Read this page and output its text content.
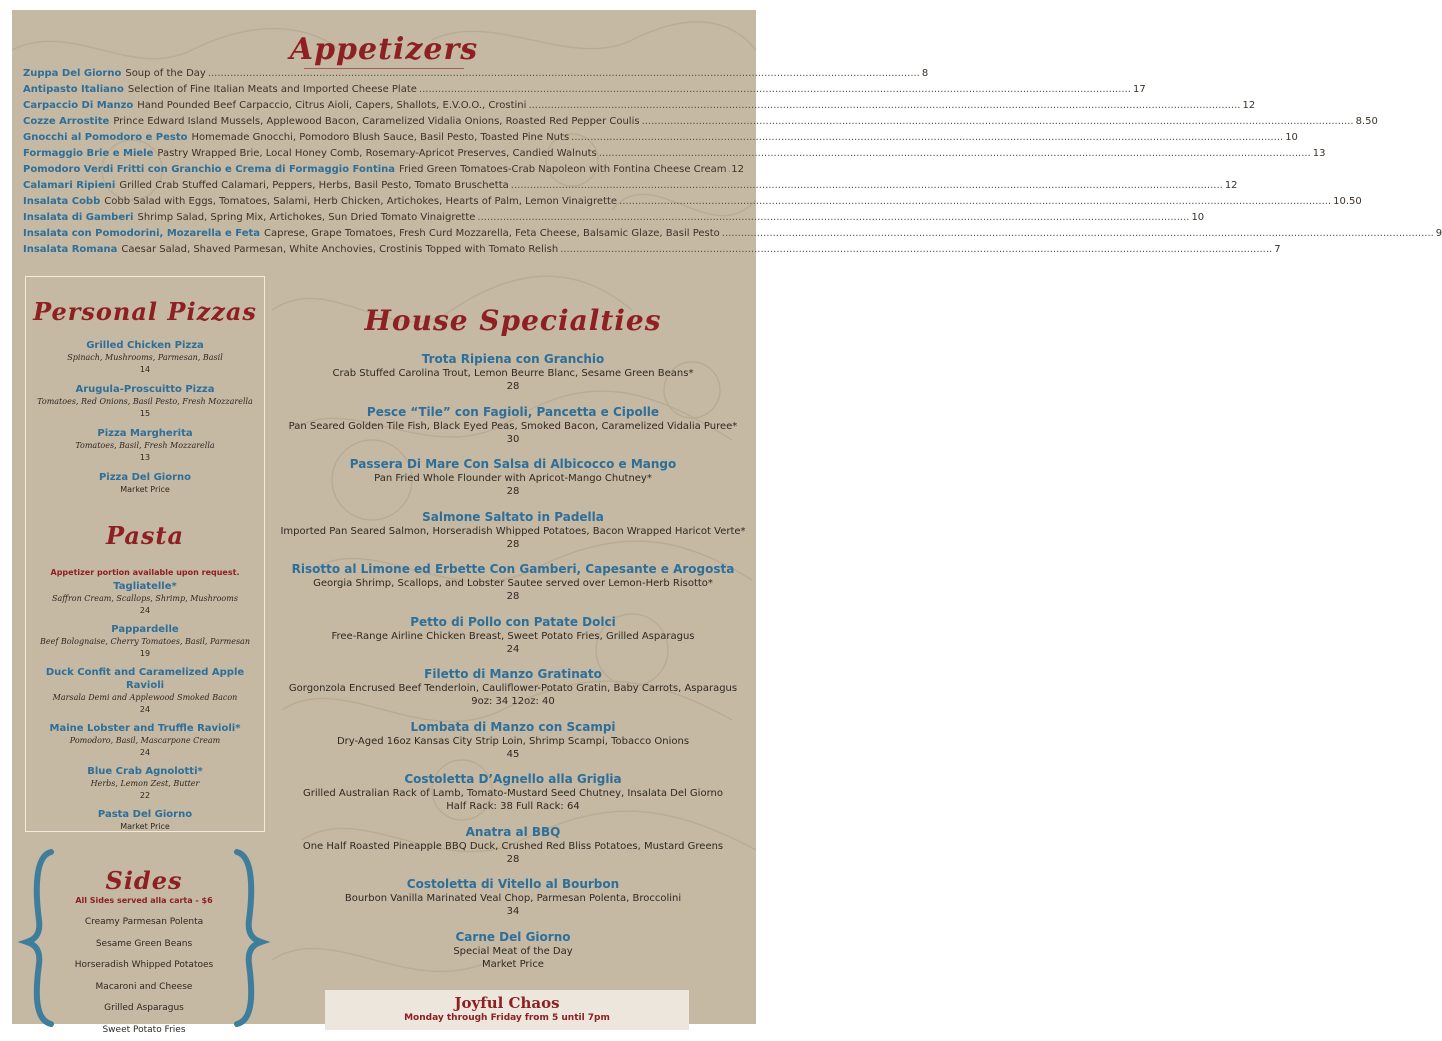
Appetizers
Zuppa Del Giorno Soup of the Day .....	8
Antipasto Italiano Selection of Fine Italian Meats and Imported Cheese Plate .....	17
Carpaccio Di Manzo Hand Pounded Beef Carpaccio, Citrus Aioli, Capers, Shallots, E.V.O.O., Crostini .....	12
Cozze Arrostite Prince Edward Island Mussels, Applewood Bacon, Caramelized Vidalia Onions, Roasted Red Pepper Coulis .....	8.50
Gnocchi al Pomodoro e Pesto Homemade Gnocchi, Pomodoro Blush Sauce, Basil Pesto, Toasted Pine Nuts .....	10
Formaggio Brie e Miele Pastry Wrapped Brie, Local Honey Comb, Rosemary-Apricot Preserves, Candied Walnuts .....	13
Pomodoro Verdi Fritti con Granchio e Crema di Formaggio Fontina Fried Green Tomatoes-Crab Napoleon with Fontina Cheese Cream ..... 12
Calamari Ripieni Grilled Crab Stuffed Calamari, Peppers, Herbs, Basil Pesto, Tomato Bruschetta .....	12
Insalata Cobb Cobb Salad with Eggs, Tomatoes, Salami, Herb Chicken, Artichokes, Hearts of Palm, Lemon Vinaigrette .....	10.50
Insalata di Gamberi Shrimp Salad, Spring Mix, Artichokes, Sun Dried Tomato Vinaigrette .....	10
Insalata con Pomodorini, Mozarella e Feta Caprese, Grape Tomatoes, Fresh Curd Mozzarella, Feta Cheese, Balsamic Glaze, Basil Pesto .....	9
Insalata Romana Caesar Salad, Shaved Parmesan, White Anchovies, Crostinis Topped with Tomato Relish .....	7
Personal Pizzas
Grilled Chicken Pizza
Spinach, Mushrooms, Parmesan, Basil
14
Arugula-Proscuitto Pizza
Tomatoes, Red Onions, Basil Pesto, Fresh Mozzarella
15
Pizza Margherita
Tomatoes, Basil, Fresh Mozzarella
13
Pizza Del Giorno
Market Price
Pasta
Appetizer portion available upon request.
Tagliatelle*
Saffron Cream, Scallops, Shrimp, Mushrooms
24
Pappardelle
Beef Bolognaise, Cherry Tomatoes, Basil, Parmesan
19
Duck Confit and Caramelized Apple Ravioli
Marsala Demi and Applewood Smoked Bacon
24
Maine Lobster and Truffle Ravioli*
Pomodoro, Basil, Mascarpone Cream
24
Blue Crab Agnolotti*
Herbs, Lemon Zest, Butter
22
Pasta Del Giorno
Market Price
Sides
All Sides served alla carta - $6
Creamy Parmesan Polenta
Sesame Green Beans
Horseradish Whipped Potatoes
Macaroni and Cheese
Grilled Asparagus
Sweet Potato Fries
House Specialties
Trota Ripiena con Granchio
Crab Stuffed Carolina Trout, Lemon Beurre Blanc, Sesame Green Beans*
28
Pesce “Tile” con Fagioli, Pancetta e Cipolle
Pan Seared Golden Tile Fish, Black Eyed Peas, Smoked Bacon, Caramelized Vidalia Puree*
30
Passera Di Mare Con Salsa di Albicocco e Mango
Pan Fried Whole Flounder with Apricot-Mango Chutney*
28
Salmone Saltato in Padella
Imported Pan Seared Salmon, Horseradish Whipped Potatoes, Bacon Wrapped Haricot Verte*
28
Risotto al Limone ed Erbette Con Gamberi, Capesante e Arogosta
Georgia Shrimp, Scallops, and Lobster Sautee served over Lemon-Herb Risotto*
28
Petto di Pollo con Patate Dolci
Free-Range Airline Chicken Breast, Sweet Potato Fries, Grilled Asparagus
24
Filetto di Manzo Gratinato
Gorgonzola Encrused Beef Tenderloin, Cauliflower-Potato Gratin, Baby Carrots, Asparagus
9oz: 34 12oz: 40
Lombata di Manzo con Scampi
Dry-Aged 16oz Kansas City Strip Loin, Shrimp Scampi, Tobacco Onions
45
Costoletta D’Agnello alla Griglia
Grilled Australian Rack of Lamb, Tomato-Mustard Seed Chutney, Insalata Del Giorno
Half Rack: 38 Full Rack: 64
Anatra al BBQ
One Half Roasted Pineapple BBQ Duck, Crushed Red Bliss Potatoes, Mustard Greens
28
Costoletta di Vitello al Bourbon
Bourbon Vanilla Marinated Veal Chop, Parmesan Polenta, Broccolini
34
Carne Del Giorno
Special Meat of the Day
Market Price
Joyful Chaos
Monday through Friday from 5 until 7pm
